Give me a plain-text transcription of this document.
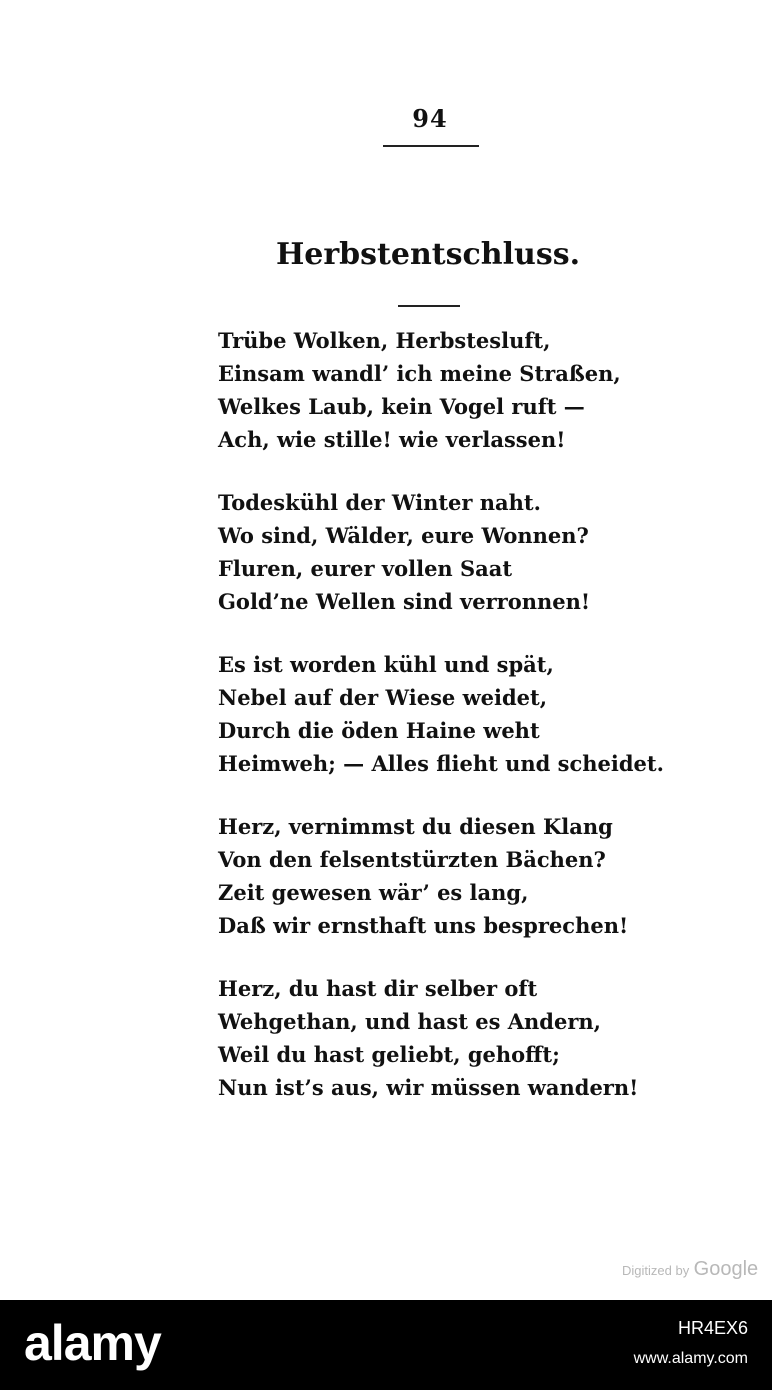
94
Herbstentschluss.
Trübe Wolken, Herbstesluft,
Einsam wandl’ ich meine Straßen,
Welkes Laub, kein Vogel ruft —
Ach, wie stille! wie verlassen!
Todeskühl der Winter naht.
Wo sind, Wälder, eure Wonnen?
Fluren, eurer vollen Saat
Gold’ne Wellen sind verronnen!
Es ist worden kühl und spät,
Nebel auf der Wiese weidet,
Durch die öden Haine weht
Heimweh; — Alles flieht und scheidet.
Herz, vernimmst du diesen Klang
Von den felsentstürzten Bächen?
Zeit gewesen wär’ es lang,
Daß wir ernsthaft uns besprechen!
Herz, du hast dir selber oft
Wehgethan, und hast es Andern,
Weil du hast geliebt, gehofft;
Nun ist’s aus, wir müssen wandern!
Digitized by Google
alamy	HR4EX6
www.alamy.com
